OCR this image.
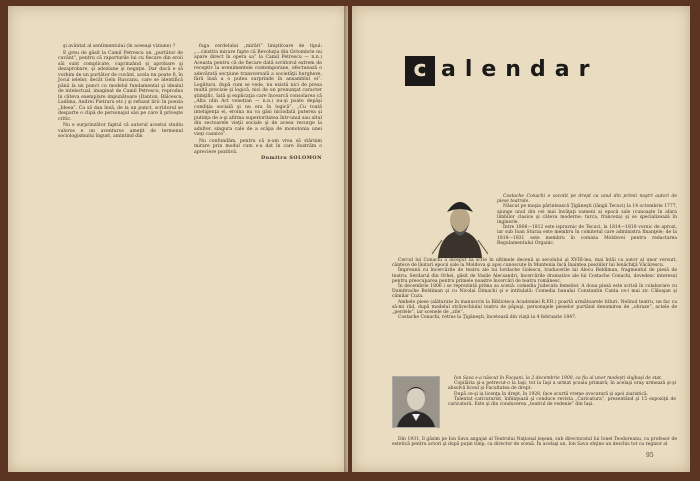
şi avântat al sentimentului (în aceeaşi viziune) ?

E greu de găsit la Camil Petrescu un „purtător de cuvânt”, pentru că raporturile lui cu fiecare din eroii săi sunt complicate, cuprinzând şi aprobare şi dezaprobare, şi adeziune şi negaţie. Dar dacă e să vorbim de un purtător de cuvânt, acela nu poate fi, în Jocul ielelor, decât Gelu Ruscanu, care se identifică până la un punct cu modelul fundamental şi idealul de intelectual, imaginat de Camil Petrescu, reprodus în câteva exemplare impunătoare (Danton, Bălcescu, Ladima, Andrei Pietraru etc.) şi refuzat liric în poezia „Ideea”. Ca să dau însă, de la un punct, scriitorul se desparte o clipă de personajul său pe care îl priveşte critic.

Nu e surprinzător faptul că autorul acestui studiu valoros e un aventuros ameţit de termenul sociologismului îngust, amintind din

fuga cerdelului „mirări” liniştitoare de tipul: „...cinstita mirare fapte că Revoluţia din Octombrie nu apare direct în opera sa” la Camil Petrescu — n.n.) Aceasta pentru că de fiecare dată scriitorul extrem de receptiv la evenimentele contemporane, efectuează o adevărată secţiune transversală a societăţii burgheze, fără însă a o putea surprinde în ansamblul ei”. Legătura, după cum se vede, nu există nici de presa multă precizie şi logică, nici de un pronunţat caracter ştiinţific. Iată şi explicaţia care încearcă consolarea că „Alta (din Act venețian — n.n.) nu-şi poate depăşi condiţia socială şi nu era în logică”. „Cu toată inteligenţa ei, eroina nu va găsi niciodată puterea şi putinţa de a-şi afirma superioritatea într-unul sau altul din sectoarele vieţii sociale şi de aceea recurge la adulter, singura cale de a scăpa de monotonia unei vieţi casnice”.

Nu confundăm, pentru că n-am vrea să stârnim mirare prin modul cum s-a dat în care ilustrăm o apreciere pozitivă.

Dumitru SOLOMON
c alendar

Costache Conachi e socotit pe drept ca unul din primii noştri autori de piese teatrale.

Născut pe moşia părintească Ţigăneşti (lângă Tecuci) la 14 octombrie 1777, ajunge unul din cei mai învăţaţi oameni ai epocii sale (cunoaşte în afara limbilor clasice şi câteva moderne: turca, franceza) şi se specializează în inginerie.

Între 1806—1812 este ispravnic de Tecuci, la 1814—1818 vornic de aprozi, iar sub Ioan Sturza este membru în comitetul care administra finanţele; de la 1818—1831 este membru în comisia Moldovei pentru redactarea Regulamentului Organic.

Cercul lui Conachi a început să scrie în ultimele decenii ai secolului al XVIII-lea, mai întâi ca autor al unor versuri, cântece de lăutari epocii sale la Moldova şi apoi cunoscute în Muntenia încă înaintea poeziilor lui Ienăchiţă Văcărescu.

Împreună cu încercările de teatru ale lui Iordache Golescu, traducerile lui Alecu Beldiman, fragmentul de piesă de teatru: Serdarul din Orhei, găsit de Vasile Alecsandri, încercările dramatice ale lui Costache Conachi, dovedesc interesul pentru preocuparea pentru primele noastre încercări de teatru românesc.

În decembrie 1806 i se reprezintă prima sa scenă: comedia Judecata femeilor. A doua piesă este scrisă în colaborare cu Dumitrache Beldiman şi cu Nicolai Dimachi şi e intitulată: Comedia banului Constantin Canta ce-i mai zic Căbuşan şi cămilar Cuza.

Ambele piese (alăturate în manuscris la Biblioteca Academiei R.P.R.) poartă următoarele titluri: Nelinul teatru, ne fac ca să-mi râd, după modelul străvechiului teatru de păpuşi, personajele pieselor purtând denumirea de „obraze”, actele de „perdele”, iar scenele de „zile”.

Costache Conachi, retras la Ţigăneşti, încetează din viaţă la 4 februarie 1847.

Ion Sava s-a născut în Focşani, la 2 decembrie 1900, ca fiu al unor modeşti slujbaşi de stat.

Copilăria şi-a petrecut-o la Iaşi; tot la Iaşi a urmat şcoala primară; în acelaşi oraş urmează şi-şi absolvă liceul şi Facultatea de drept.

După ce-şi ia licenţa în drept, în 1928, face scurtă vreme avocatură şi apoi ziaristică.

Talentat caricaturist, înfiinţează şi conduce revista „Caricatura”, prezentând şi 15 expoziţii de caricatură. Este şi din conducerea „teatrul de vedenie” din Iaşi.

Din 1931, îl găsim pe Ion Sava angajat al Teatrului Naţional ieşean, sub directoratul lui Ionel Teodoreanu, ca profesor de estetică pentru actori şi după puţin timp, ca director de scenă. În acelaşi an, Ion Sava obţine un deschis tot ca regizor al

95
